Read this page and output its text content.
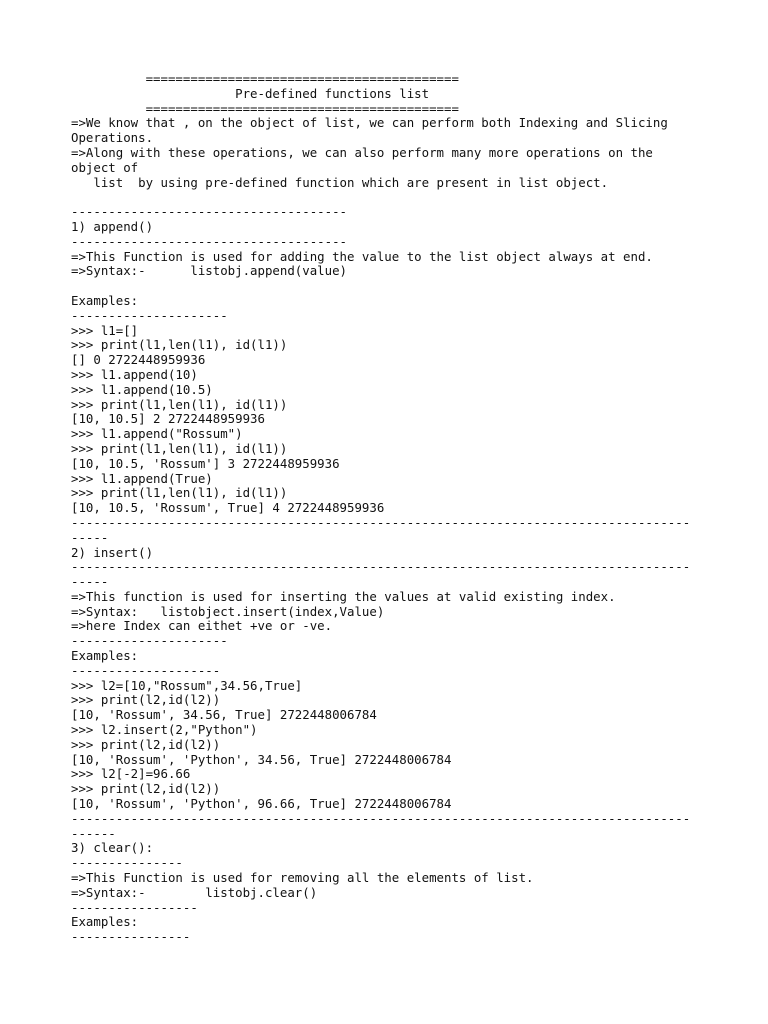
==========================================
Pre-defined functions list
==========================================
=>We know that , on the object of list, we can perform both Indexing and Slicing
Operations.
=>Along with these operations, we can also perform many more operations on the
object of
list  by using pre-defined function which are present in list object.
-------------------------------------
1) append()
-------------------------------------
=>This Function is used for adding the value to the list object always at end.
=>Syntax:-      listobj.append(value)
Examples:
---------------------
>>> l1=[]
>>> print(l1,len(l1), id(l1))
[] 0 2722448959936
>>> l1.append(10)
>>> l1.append(10.5)
>>> print(l1,len(l1), id(l1))
[10, 10.5] 2 2722448959936
>>> l1.append("Rossum")
>>> print(l1,len(l1), id(l1))
[10, 10.5, 'Rossum'] 3 2722448959936
>>> l1.append(True)
>>> print(l1,len(l1), id(l1))
[10, 10.5, 'Rossum', True] 4 2722448959936
-----------------------------------------------------------------------------------
-----
2) insert()
-----------------------------------------------------------------------------------
-----
=>This function is used for inserting the values at valid existing index.
=>Syntax:   listobject.insert(index,Value)
=>here Index can eithet +ve or -ve.
---------------------
Examples:
--------------------
>>> l2=[10,"Rossum",34.56,True]
>>> print(l2,id(l2))
[10, 'Rossum', 34.56, True] 2722448006784
>>> l2.insert(2,"Python")
>>> print(l2,id(l2))
[10, 'Rossum', 'Python', 34.56, True] 2722448006784
>>> l2[-2]=96.66
>>> print(l2,id(l2))
[10, 'Rossum', 'Python', 96.66, True] 2722448006784
-----------------------------------------------------------------------------------
------
3) clear():
---------------
=>This Function is used for removing all the elements of list.
=>Syntax:-        listobj.clear()
-----------------
Examples:
----------------
